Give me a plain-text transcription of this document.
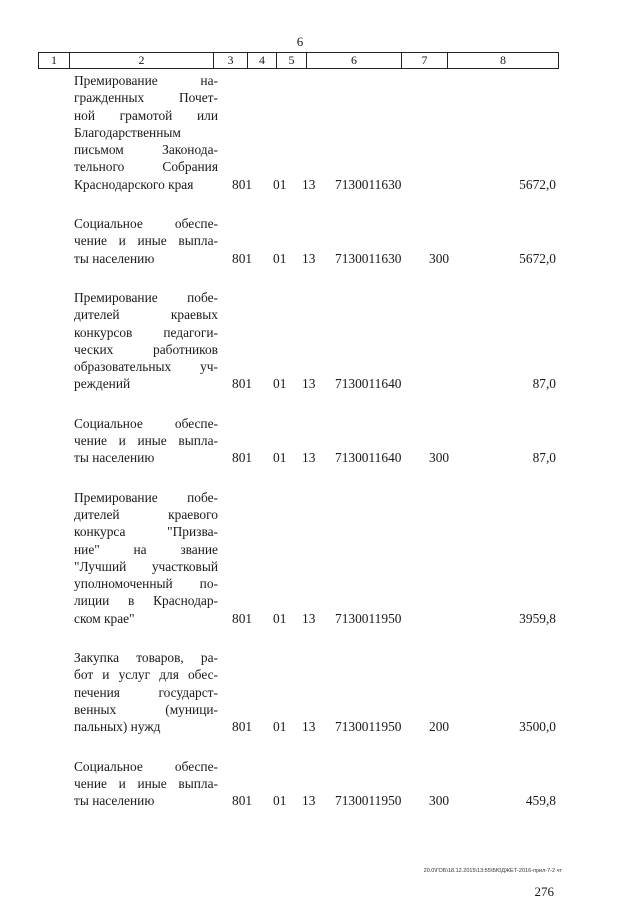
6
1	2	3	4	5	6	7	8
Премирование на-
гражденных Почет-
ной грамотой или
Благодарственным
письмом Законода-
тельного Собрания
Краснодарского края	801 01 13 7130011630	5672,0
Социальное обеспе-
чение и иные выпла-
ты населению	801 01 13 7130011630 300	5672,0
Премирование побе-
дителей краевых
конкурсов педагоги-
ческих работников
образовательных уч-
реждений	801 01 13 7130011640	87,0
Социальное обеспе-
чение и иные выпла-
ты населению	801 01 13 7130011640 300	87,0
Премирование побе-
дителей краевого
конкурса "Призва-
ние" на звание
"Лучший участковый
уполномоченный по-
лиции в Краснодар-
ском крае"	801 01 13 7130011950	3959,8
Закупка товаров, ра-
бот и услуг для обес-
печения государст-
венных (муници-
пальных) нужд	801 01 13 7130011950 200	3500,0
Социальное обеспе-
чение и иные выпла-
ты населению	801 01 13 7130011950 300	459,8
20.0\ГОБ\18.12.2015\13:55\БЮДЖЕТ-2016-прил-7-2 чт
276
